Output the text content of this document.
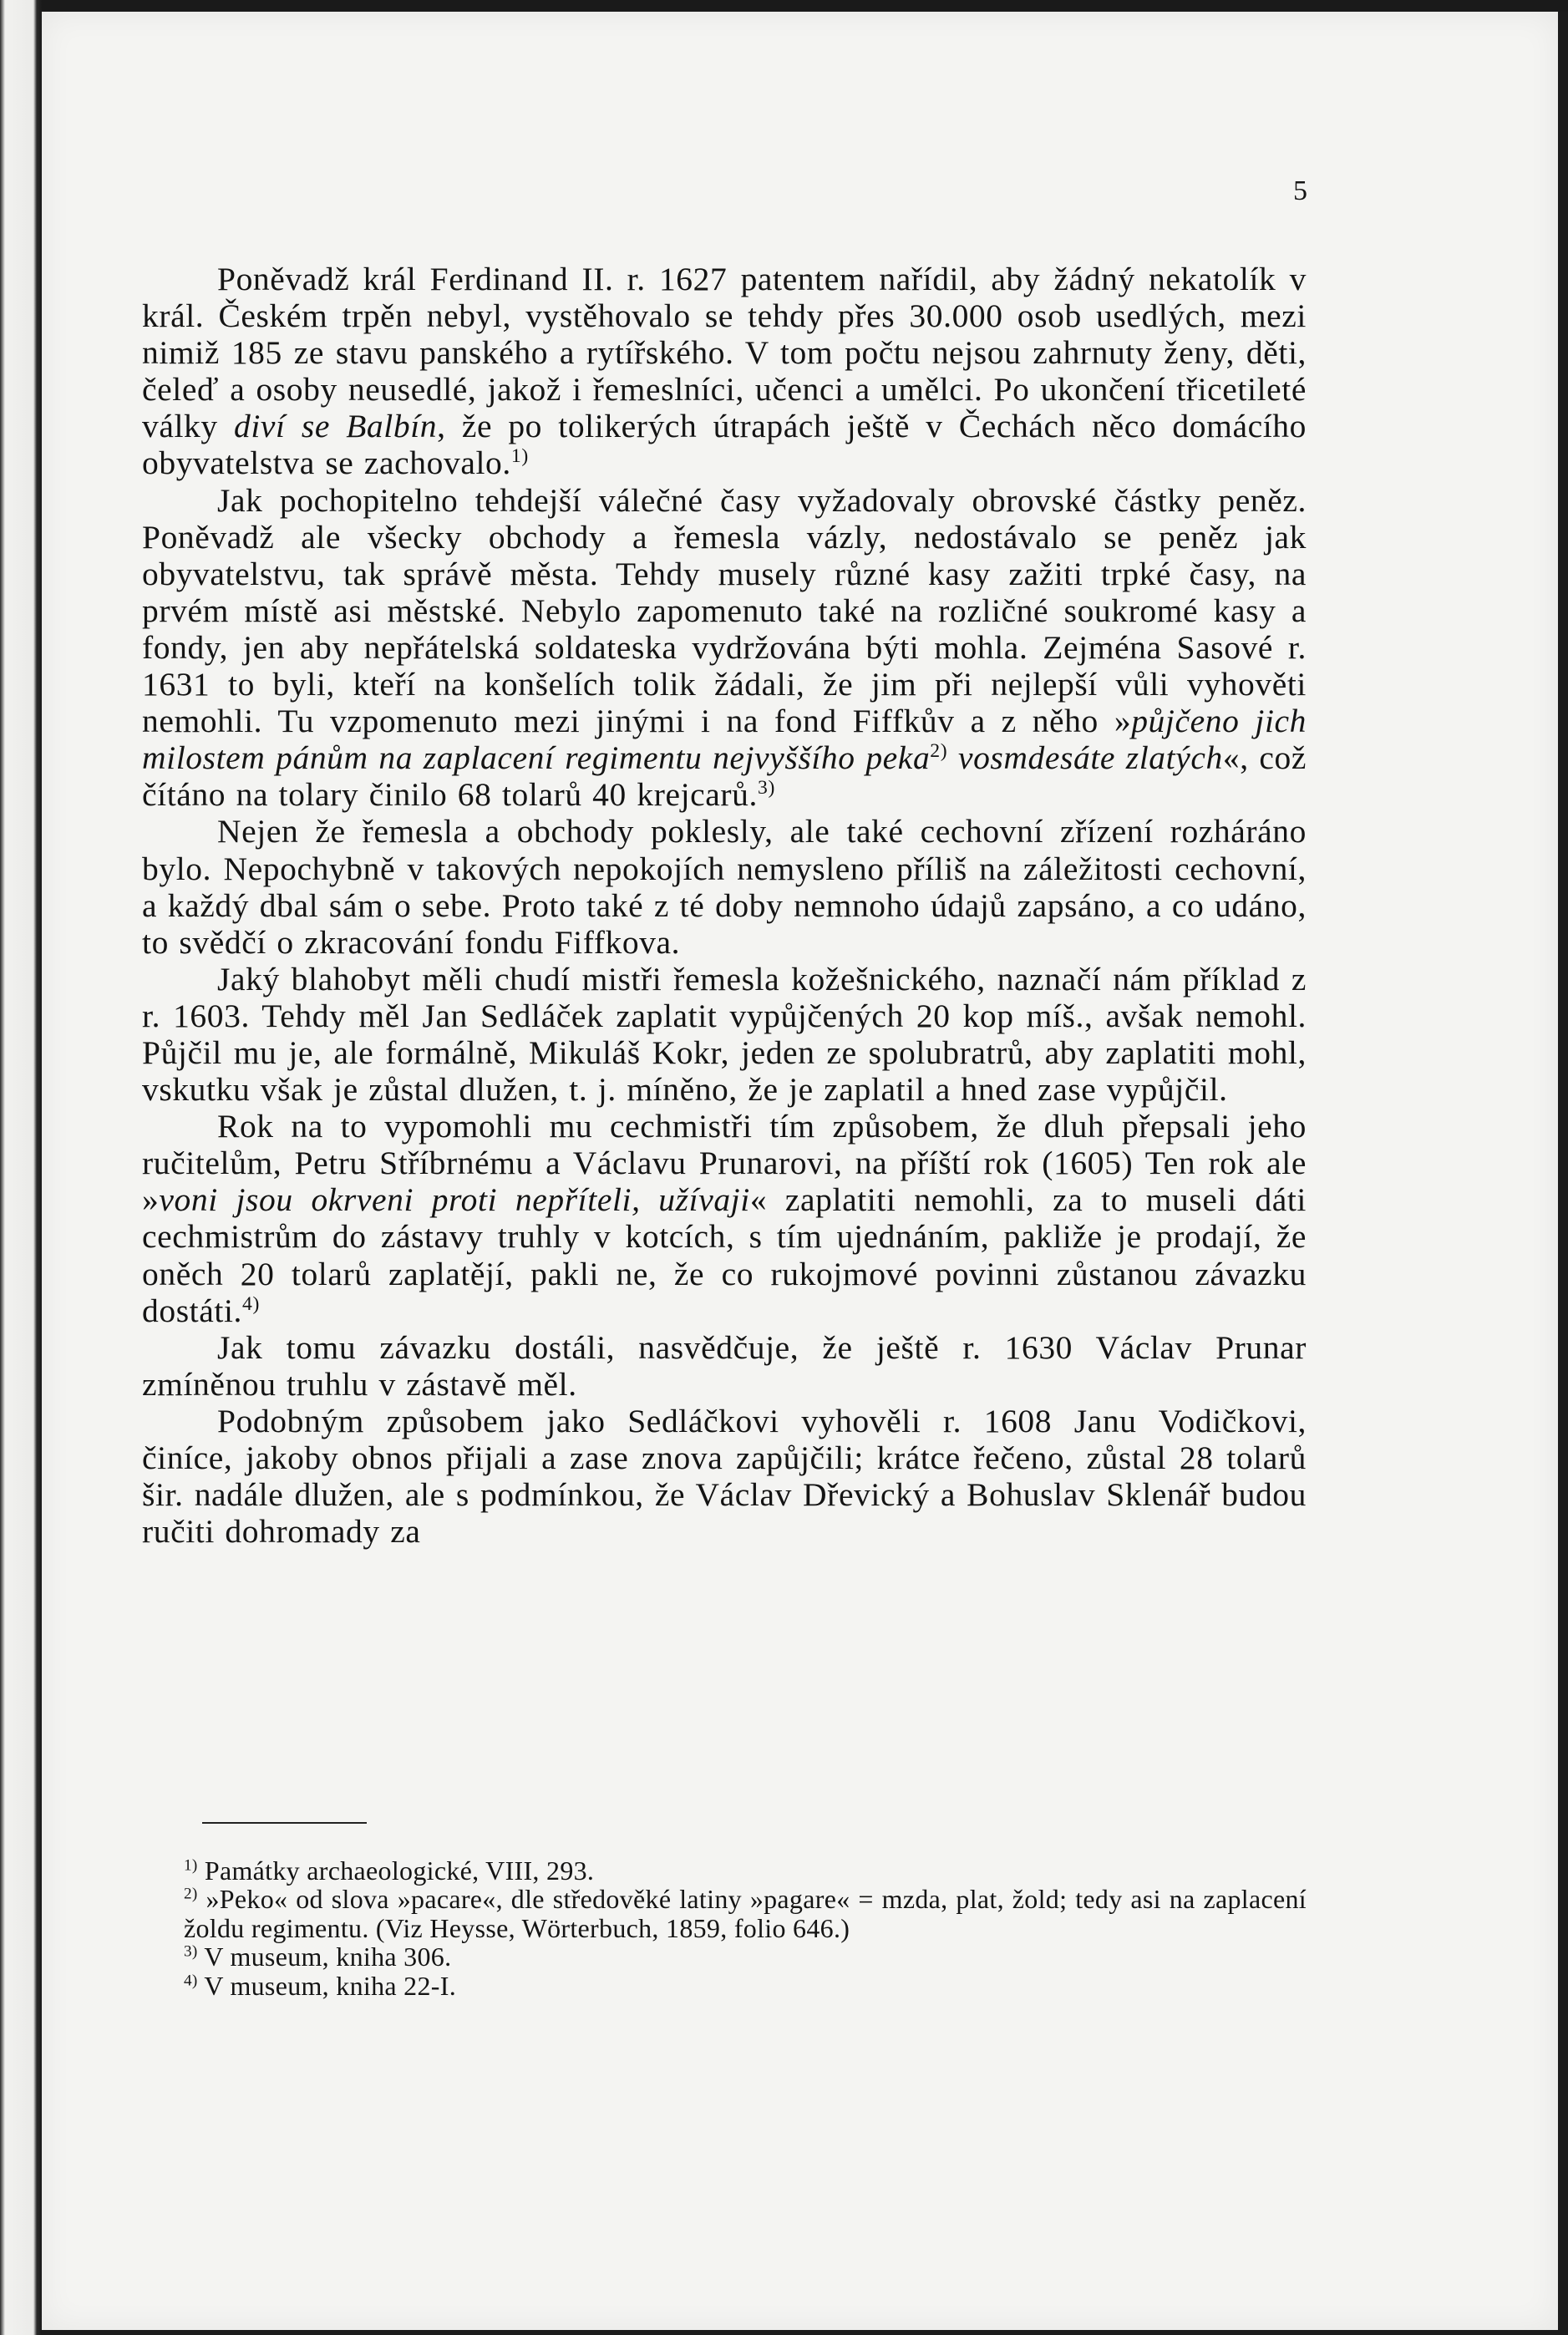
5

Poněvadž král Ferdinand II. r. 1627 patentem nařídil, aby žádný nekatolík v král. Českém trpěn nebyl, vystěhovalo se tehdy přes 30.000 osob usedlých, mezi nimiž 185 ze stavu panského a rytířského. V tom počtu nejsou zahrnuty ženy, děti, čeleď a osoby neusedlé, jakož i řemeslníci, učenci a umělci. Po ukončení třicetileté války diví se Balbín, že po tolikerých útrapách ještě v Čechách něco domácího obyvatelstva se zachovalo.$^{1)}$

Jak pochopitelno tehdejší válečné časy vyžadovaly obrovské částky peněz. Poněvadž ale všecky obchody a řemesla vázly, nedostávalo se peněz jak obyvatelstvu, tak správě města. Tehdy musely různé kasy zažiti trpké časy, na prvém místě asi městské. Nebylo zapomenuto také na rozličné soukromé kasy a fondy, jen aby nepřátelská soldateska vydržována býti mohla. Zejména Sasové r. 1631 to byli, kteří na konšelích tolik žádali, že jim při nejlepší vůli vyhověti nemohli. Tu vzpomenuto mezi jinými i na fond Fiffkův a z něho »půjčeno jich milostem pánům na zaplacení regimentu nejvyššího peka$^{2)}$ vosmdesáte zlatých«, což čítáno na tolary činilo 68 tolarů 40 krejcarů.$^{3)}$

Nejen že řemesla a obchody poklesly, ale také cechovní zřízení rozháráno bylo. Nepochybně v takových nepokojích nemysleno příliš na záležitosti cechovní, a každý dbal sám o sebe. Proto také z té doby nemnoho údajů zapsáno, a co udáno, to svědčí o zkracování fondu Fiffkova.

Jaký blahobyt měli chudí mistři řemesla kožešnického, naznačí nám příklad z r. 1603. Tehdy měl Jan Sedláček zaplatit vypůjčených 20 kop míš., avšak nemohl. Půjčil mu je, ale formálně, Mikuláš Kokr, jeden ze spolubratrů, aby zaplatiti mohl, vskutku však je zůstal dlužen, t. j. míněno, že je zaplatil a hned zase vypůjčil.

Rok na to vypomohli mu cechmistři tím způsobem, že dluh přepsali jeho ručitelům, Petru Stříbrnému a Václavu Prunarovi, na příští rok (1605) Ten rok ale »voni jsou okrveni proti nepříteli, užívaji« zaplatiti nemohli, za to museli dáti cechmistrům do zástavy truhly v kotcích, s tím ujednáním, pakliže je prodají, že oněch 20 tolarů zaplatějí, pakli ne, že co rukojmové povinni zůstanou závazku dostáti.$^{4)}$

Jak tomu závazku dostáli, nasvědčuje, že ještě r. 1630 Václav Prunar zmíněnou truhlu v zástavě měl.

Podobným způsobem jako Sedláčkovi vyhověli r. 1608 Janu Vodičkovi, činíce, jakoby obnos přijali a zase znova zapůjčili; krátce řečeno, zůstal 28 tolarů šir. nadále dlužen, ale s podmínkou, že Václav Dřevický a Bohuslav Sklenář budou ručiti dohromady za

$^{1)}$ Památky archaeologické, VIII, 293.

$^{2)}$ »Peko« od slova »pacare«, dle středověké latiny »pagare« = mzda, plat, žold; tedy asi na zaplacení žoldu regimentu. (Viz Heysse, Wörterbuch, 1859, folio 646.)

$^{3)}$ V museum, kniha 306.

$^{4)}$ V museum, kniha 22-I.
